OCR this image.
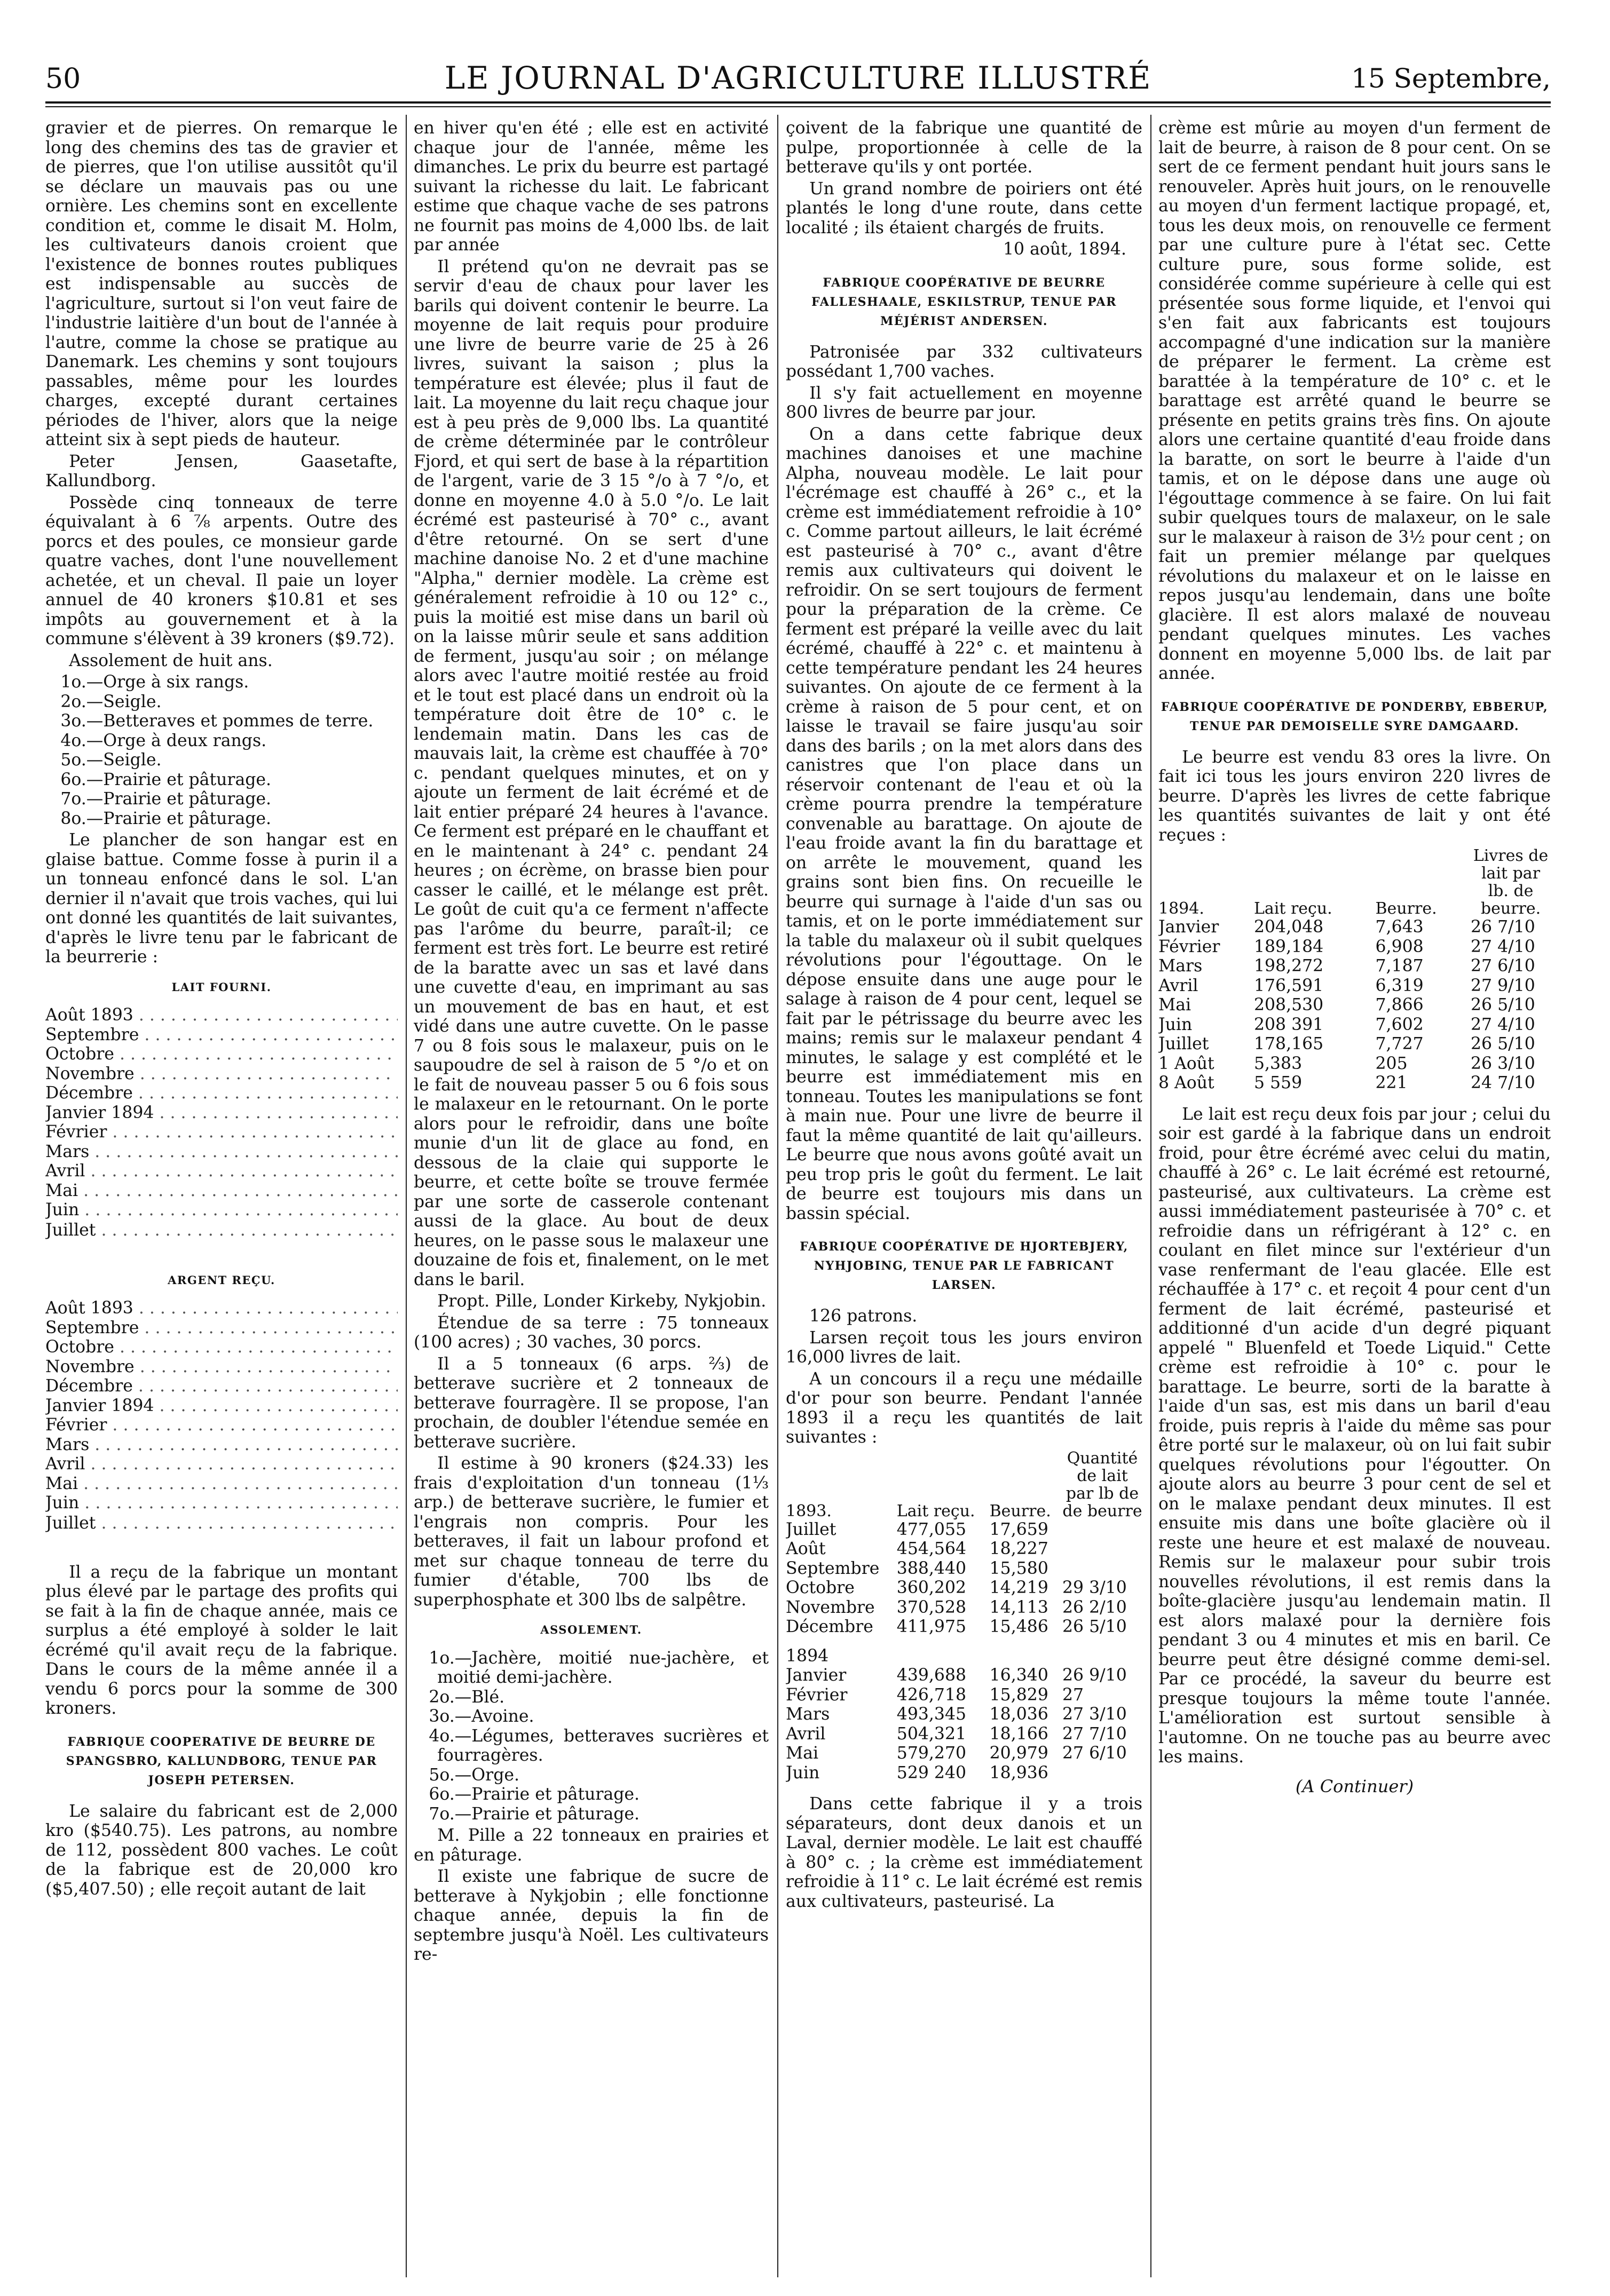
50	LE JOURNAL D'AGRICULTURE ILLUSTRÉ	15 Septembre,

gravier et de pierres. On remarque le long des chemins des tas de gravier et de pierres, que l'on utilise aussitôt qu'il se déclare un mauvais pas ou une ornière. Les chemins sont en excellente condition et, comme le disait M. Holm, les cultivateurs danois croient que l'existence de bonnes routes publiques est indispensable au succès de l'agriculture, surtout si l'on veut faire de l'industrie laitière d'un bout de l'année à l'autre, comme la chose se pratique au Danemark. Les chemins y sont toujours passables, même pour les lourdes charges, excepté durant certaines périodes de l'hiver, alors que la neige atteint six à sept pieds de hauteur.

Peter Jensen, Gaasetafte, Kallundborg.

Possède cinq tonneaux de terre équivalant à 6 ⅞ arpents. Outre des porcs et des poules, ce monsieur garde quatre vaches, dont l'une nouvellement achetée, et un cheval. Il paie un loyer annuel de 40 kroners $10.81 et ses impôts au gouvernement et à la commune s'élèvent à 39 kroners ($9.72).

Assolement de huit ans.

1o.—Orge à six rangs.
2o.—Seigle.
3o.—Betteraves et pommes de terre.
4o.—Orge à deux rangs.
5o.—Seigle.
6o.—Prairie et pâturage.
7o.—Prairie et pâturage.
8o.—Prairie et pâturage.

Le plancher de son hangar est en glaise battue. Comme fosse à purin il a un tonneau enfoncé dans le sol. L'an dernier il n'avait que trois vaches, qui lui ont donné les quantités de lait suivantes, d'après le livre tenu par le fabricant de la beurrerie :

LAIT FOURNI.
Août 1893 . . .	
Septembre . . .	
Octobre . . .	
Novembre . . .	
Décembre . . .	
Janvier 1894 . . .	
Février . . .	
Mars . . .	
Avril . . .	
Mai . . .	
Juin . . .	
Juillet . . .	

ARGENT REÇU.
Août 1893 . . .	
Septembre . . .	
Octobre . . .	
Novembre . . .	
Décembre . . .	
Janvier 1894 . . .	
Février . . .	
Mars . . .	
Avril . . .	
Mai . . .	
Juin . . .	
Juillet . . .	

Il a reçu de la fabrique un montant plus élevé par le partage des profits qui se fait à la fin de chaque année, mais ce surplus a été employé à solder le lait écrémé qu'il avait reçu de la fabrique. Dans le cours de la même année il a vendu 6 porcs pour la somme de 300 kroners.

FABRIQUE COOPERATIVE DE BEURRE DE SPANGSBRO, KALLUNDBORG, TENUE PAR JOSEPH PETERSEN.

Le salaire du fabricant est de 2,000 kro ($540.75). Les patrons, au nombre de 112, possèdent 800 vaches. Le coût de la fabrique est de 20,000 kro ($5,407.50) ; elle reçoit autant de lait

en hiver qu'en été ; elle est en activité chaque jour de l'année, même les dimanches. Le prix du beurre est partagé suivant la richesse du lait. Le fabricant estime que chaque vache de ses patrons ne fournit pas moins de 4,000 lbs. de lait par année

Il prétend qu'on ne devrait pas se servir d'eau de chaux pour laver les barils qui doivent contenir le beurre. La moyenne de lait requis pour produire une livre de beurre varie de 25 à 26 livres, suivant la saison ; plus la température est élevée; plus il faut de lait. La moyenne du lait reçu chaque jour est à peu près de 9,000 lbs. La quantité de crème déterminée par le contrôleur Fjord, et qui sert de base à la répartition de l'argent, varie de 3 15 °/o à 7 °/o, et donne en moyenne 4.0 à 5.0 °/o. Le lait écrémé est pasteurisé à 70° c., avant d'être retourné. On se sert d'une machine danoise No. 2 et d'une machine "Alpha," dernier modèle. La crème est généralement refroidie à 10 ou 12° c., puis la moitié est mise dans un baril où on la laisse mûrir seule et sans addition de ferment, jusqu'au soir ; on mélange alors avec l'autre moitié restée au froid et le tout est placé dans un endroit où la température doit être de 10° c. le lendemain matin. Dans les cas de mauvais lait, la crème est chauffée à 70° c. pendant quelques minutes, et on y ajoute un ferment de lait écrémé et de lait entier préparé 24 heures à l'avance. Ce ferment est préparé en le chauffant et en le maintenant à 24° c. pendant 24 heures ; on écrème, on brasse bien pour casser le caillé, et le mélange est prêt. Le goût de cuit qu'a ce ferment n'affecte pas l'arôme du beurre, paraît-il; ce ferment est très fort. Le beurre est retiré de la baratte avec un sas et lavé dans une cuvette d'eau, en imprimant au sas un mouvement de bas en haut, et est vidé dans une autre cuvette. On le passe 7 ou 8 fois sous le malaxeur, puis on le saupoudre de sel à raison de 5 °/o et on le fait de nouveau passer 5 ou 6 fois sous le malaxeur en le retournant. On le porte alors pour le refroidir, dans une boîte munie d'un lit de glace au fond, en dessous de la claie qui supporte le beurre, et cette boîte se trouve fermée par une sorte de casserole contenant aussi de la glace. Au bout de deux heures, on le passe sous le malaxeur une douzaine de fois et, finalement, on le met dans le baril.

Propt. Pille, Londer Kirkeby, Nykjobin.

Étendue de sa terre : 75 tonneaux (100 acres) ; 30 vaches, 30 porcs.

Il a 5 tonneaux (6 arps. ⅔) de betterave sucrière et 2 tonneaux de betterave fourragère. Il se propose, l'an prochain, de doubler l'étendue semée en betterave sucrière.

Il estime à 90 kroners ($24.33) les frais d'exploitation d'un tonneau (1⅓ arp.) de betterave sucrière, le fumier et l'engrais non compris. Pour les betteraves, il fait un labour profond et met sur chaque tonneau de terre du fumier d'étable, 700 lbs de superphosphate et 300 lbs de salpêtre.

ASSOLEMENT.
1o.—Jachère, moitié nue-jachère, et moitié demi-jachère.
2o.—Blé.
3o.—Avoine.
4o.—Légumes, betteraves sucrières et fourragères.
5o.—Orge.
6o.—Prairie et pâturage.
7o.—Prairie et pâturage.

M. Pille a 22 tonneaux en prairies et en pâturage.

Il existe une fabrique de sucre de betterave à Nykjobin ; elle fonctionne chaque année, depuis la fin de septembre jusqu'à Noël. Les cultivateurs re-

çoivent de la fabrique une quantité de pulpe, proportionnée à celle de la betterave qu'ils y ont portée.

Un grand nombre de poiriers ont été plantés le long d'une route, dans cette localité ; ils étaient chargés de fruits.

10 août, 1894.

FABRIQUE COOPÉRATIVE DE BEURRE FALLESHAALE, ESKILSTRUP, TENUE PAR MÉJÉRIST ANDERSEN.

Patronisée par 332 cultivateurs possédant 1,700 vaches.

Il s'y fait actuellement en moyenne 800 livres de beurre par jour.

On a dans cette fabrique deux machines danoises et une machine Alpha, nouveau modèle. Le lait pour l'écrémage est chauffé à 26° c., et la crème est immédiatement refroidie à 10° c. Comme partout ailleurs, le lait écrémé est pasteurisé à 70° c., avant d'être remis aux cultivateurs qui doivent le refroidir. On se sert toujours de ferment pour la préparation de la crème. Ce ferment est préparé la veille avec du lait écrémé, chauffé à 22° c. et maintenu à cette température pendant les 24 heures suivantes. On ajoute de ce ferment à la crème à raison de 5 pour cent, et on laisse le travail se faire jusqu'au soir dans des barils ; on la met alors dans des canistres que l'on place dans un réservoir contenant de l'eau et où la crème pourra prendre la température convenable au barattage. On ajoute de l'eau froide avant la fin du barattage et on arrête le mouvement, quand les grains sont bien fins. On recueille le beurre qui surnage à l'aide d'un sas ou tamis, et on le porte immédiatement sur la table du malaxeur où il subit quelques révolutions pour l'égouttage. On le dépose ensuite dans une auge pour le salage à raison de 4 pour cent, lequel se fait par le pétrissage du beurre avec les mains; remis sur le malaxeur pendant 4 minutes, le salage y est complété et le beurre est immédiatement mis en tonneau. Toutes les manipulations se font à main nue. Pour une livre de beurre il faut la même quantité de lait qu'ailleurs. Le beurre que nous avons goûté avait un peu trop pris le goût du ferment. Le lait de beurre est toujours mis dans un bassin spécial.

FABRIQUE COOPÉRATIVE DE HJORTEBJERY, NYHJOBING, TENUE PAR LE FABRICANT LARSEN.

126 patrons.

Larsen reçoit tous les jours environ 16,000 livres de lait.

A un concours il a reçu une médaille d'or pour son beurre. Pendant l'année 1893 il a reçu les quantités de lait suivantes :

1893.	Lait reçu.	Beurre.	Quantité de lait par lb de de beurre
Juillet	477,055	17,659	
Août	454,564	18,227	
Septembre	388,440	15,580	
Octobre	360,202	14,219	29 3/10
Novembre	370,528	14,113	26 2/10
Décembre	411,975	15,486	26 5/10
1894			
Janvier	439,688	16,340	26 9/10
Février	426,718	15,829	27
Mars	493,345	18,036	27 3/10
Avril	504,321	18,166	27 7/10
Mai	579,270	20,979	27 6/10
Juin	529 240	18,936	

Dans cette fabrique il y a trois séparateurs, dont deux danois et un Laval, dernier modèle. Le lait est chauffé à 80° c. ; la crème est immédiatement refroidie à 11° c. Le lait écrémé est remis aux cultivateurs, pasteurisé. La

crème est mûrie au moyen d'un ferment de lait de beurre, à raison de 8 pour cent. On se sert de ce ferment pendant huit jours sans le renouveler. Après huit jours, on le renouvelle au moyen d'un ferment lactique propagé, et, tous les deux mois, on renouvelle ce ferment par une culture pure à l'état sec. Cette culture pure, sous forme solide, est considérée comme supérieure à celle qui est présentée sous forme liquide, et l'envoi qui s'en fait aux fabricants est toujours accompagné d'une indication sur la manière de préparer le ferment. La crème est barattée à la température de 10° c. et le barattage est arrêté quand le beurre se présente en petits grains très fins. On ajoute alors une certaine quantité d'eau froide dans la baratte, on sort le beurre à l'aide d'un tamis, et on le dépose dans une auge où l'égouttage commence à se faire. On lui fait subir quelques tours de malaxeur, on le sale sur le malaxeur à raison de 3½ pour cent ; on fait un premier mélange par quelques révolutions du malaxeur et on le laisse en repos jusqu'au lendemain, dans une boîte glacière. Il est alors malaxé de nouveau pendant quelques minutes. Les vaches donnent en moyenne 5,000 lbs. de lait par année.

FABRIQUE COOPÉRATIVE DE PONDERBY, EBBERUP, TENUE PAR DEMOISELLE SYRE DAMGAARD.

Le beurre est vendu 83 ores la livre. On fait ici tous les jours environ 220 livres de beurre. D'après les livres de cette fabrique les quantités suivantes de lait y ont été reçues :

1894.	Lait reçu.	Beurre.	Livres de lait par lb. de beurre.
Janvier	204,048	7,643	26 7/10
Février	189,184	6,908	27 4/10
Mars	198,272	7,187	27 6/10
Avril	176,591	6,319	27 9/10
Mai	208,530	7,866	26 5/10
Juin	208 391	7,602	27 4/10
Juillet	178,165	7,727	26 5/10
1 Août	5,383	205	26 3/10
8 Août	5 559	221	24 7/10

Le lait est reçu deux fois par jour ; celui du soir est gardé à la fabrique dans un endroit froid, pour être écrémé avec celui du matin, chauffé à 26° c. Le lait écrémé est retourné, pasteurisé, aux cultivateurs. La crème est aussi immédiatement pasteurisée à 70° c. et refroidie dans un réfrigérant à 12° c. en coulant en filet mince sur l'extérieur d'un vase renfermant de l'eau glacée. Elle est réchauffée à 17° c. et reçoit 4 pour cent d'un ferment de lait écrémé, pasteurisé et additionné d'un acide d'un degré piquant appelé " Bluenfeld et Toede Liquid." Cette crème est refroidie à 10° c. pour le barattage. Le beurre, sorti de la baratte à l'aide d'un sas, est mis dans un baril d'eau froide, puis repris à l'aide du même sas pour être porté sur le malaxeur, où on lui fait subir quelques révolutions pour l'égoutter. On ajoute alors au beurre 3 pour cent de sel et on le malaxe pendant deux minutes. Il est ensuite mis dans une boîte glacière où il reste une heure et est malaxé de nouveau. Remis sur le malaxeur pour subir trois nouvelles révolutions, il est remis dans la boîte-glacière jusqu'au lendemain matin. Il est alors malaxé pour la dernière fois pendant 3 ou 4 minutes et mis en baril. Ce beurre peut être désigné comme demi-sel. Par ce procédé, la saveur du beurre est presque toujours la même toute l'année. L'amélioration est surtout sensible à l'automne. On ne touche pas au beurre avec les mains.

(A Continuer)
